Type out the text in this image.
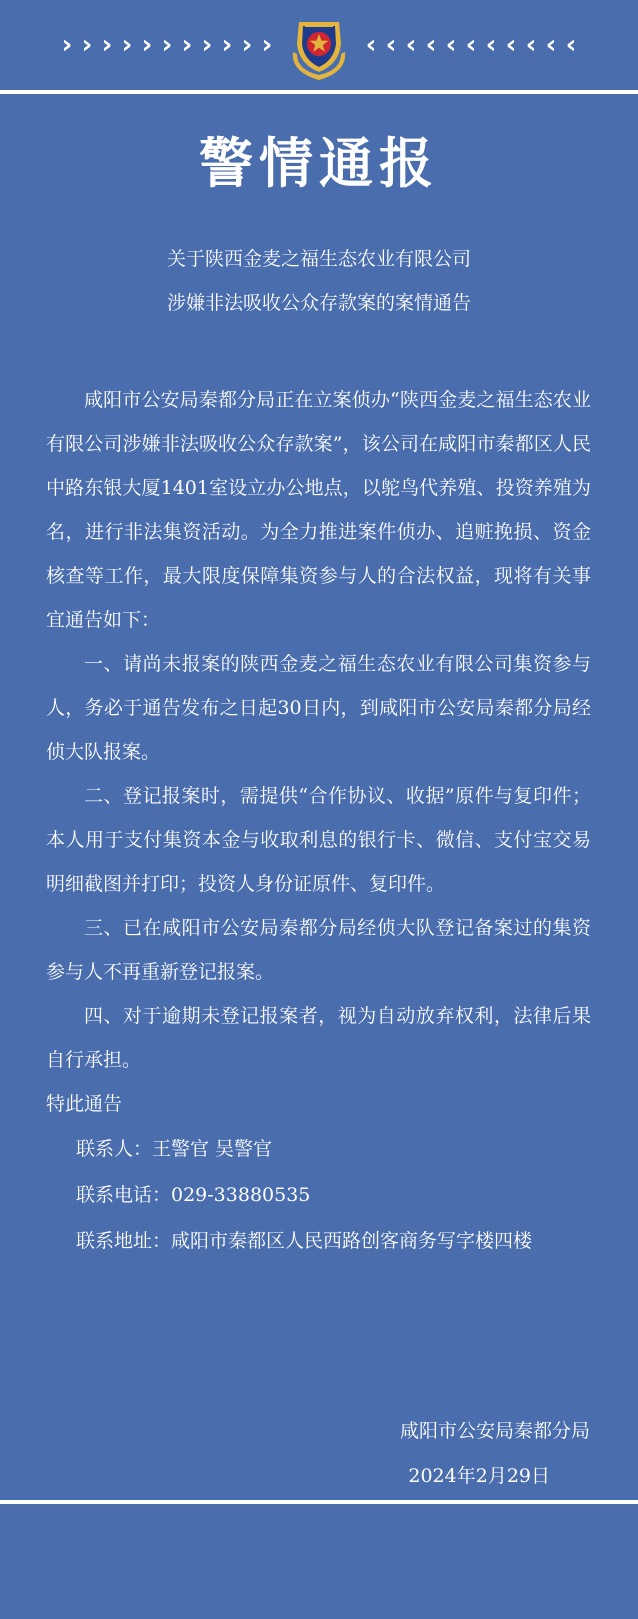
› › › › › › › › › › ›	‹ ‹ ‹ ‹ ‹ ‹ ‹ ‹ ‹ ‹ ‹
警情通报
关于陕西金麦之福生态农业有限公司
涉嫌非法吸收公众存款案的案情通告

咸阳市公安局秦都分局正在立案侦办“陕西金麦之福生态农业有限公司涉嫌非法吸收公众存款案”，该公司在咸阳市秦都区人民中路东银大厦1401室设立办公地点，以鸵鸟代养殖、投资养殖为名，进行非法集资活动。为全力推进案件侦办、追赃挽损、资金核查等工作，最大限度保障集资参与人的合法权益，现将有关事宜通告如下：

一、请尚未报案的陕西金麦之福生态农业有限公司集资参与人，务必于通告发布之日起30日内，到咸阳市公安局秦都分局经侦大队报案。

二、登记报案时，需提供“合作协议、收据”原件与复印件；本人用于支付集资本金与收取利息的银行卡、微信、支付宝交易明细截图并打印；投资人身份证原件、复印件。

三、已在咸阳市公安局秦都分局经侦大队登记备案过的集资参与人不再重新登记报案。

四、对于逾期未登记报案者，视为自动放弃权利，法律后果自行承担。

特此通告

联系人：王警官 吴警官
联系电话：029-33880535
联系地址：咸阳市秦都区人民西路创客商务写字楼四楼
咸阳市公安局秦都分局
2024年2月29日
